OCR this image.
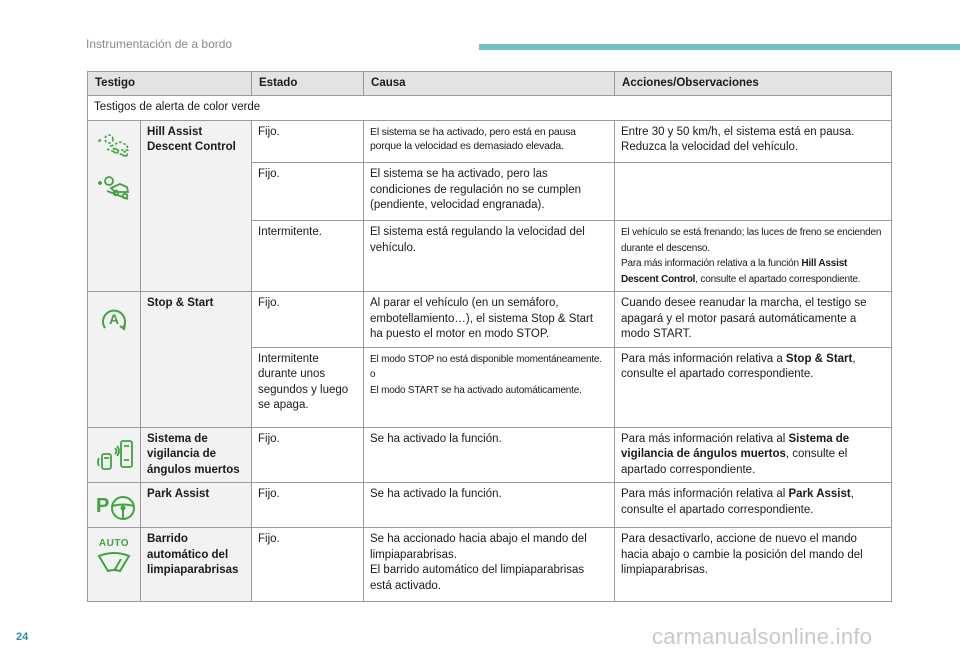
Instrumentación de a bordo
Testigo		Estado	Causa	Acciones/Observaciones
Testigos de alerta de color verde				

	Hill Assist Descent Control	Fijo.	El sistema se ha activado, pero está en pausa porque la velocidad es demasiado elevada.	Entre 30 y 50 km/h, el sistema está en pausa. Reduzca la velocidad del vehículo.

	Fijo.	El sistema se ha activado, pero las condiciones de regulación no se cumplen (pendiente, velocidad engranada).	
		Intermitente.	El sistema está regulando la velocidad del vehículo.	El vehículo se está frenando; las luces de freno se encienden durante el descenso.
Para más información relativa a la función Hill Assist Descent Control, consulte el apartado correspondiente.

A	Stop & Start	Fijo.	Al parar el vehículo (en un semáforo, embotellamiento…), el sistema Stop & Start ha puesto el motor en modo STOP.	Cuando desee reanudar la marcha, el testigo se apagará y el motor pasará automáticamente a modo START.
		Intermitente durante unos segundos y luego se apaga.	El modo STOP no está disponible momentáneamente.
o
El modo START se ha activado automáticamente.	Para más información relativa a Stop & Start, consulte el apartado correspondiente.

	Sistema de vigilancia de ángulos muertos	Fijo.	Se ha activado la función.	Para más información relativa al Sistema de vigilancia de ángulos muertos, consulte el apartado correspondiente.

P	Park Assist	Fijo.	Se ha activado la función.	Para más información relativa al Park Assist, consulte el apartado correspondiente.

AUTO	Barrido automático del limpiaparabrisas	Fijo.	Se ha accionado hacia abajo el mando del limpiaparabrisas.
El barrido automático del limpiaparabrisas está activado.	Para desactivarlo, accione de nuevo el mando hacia abajo o cambie la posición del mando del limpiaparabrisas.
24	carmanualsonline.info
